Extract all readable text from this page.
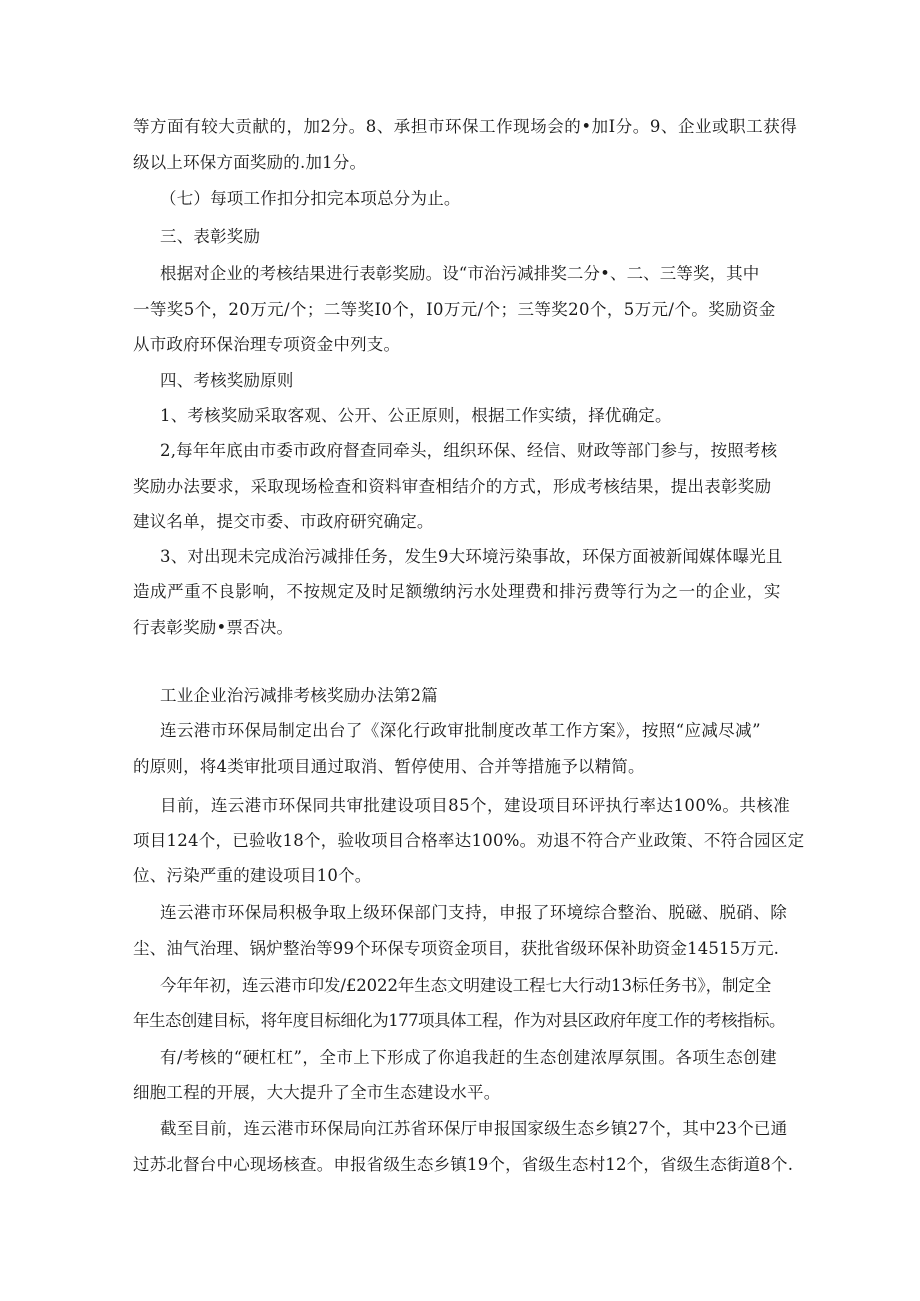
等方面有较大贡献的，加2分。8、承担市环保工作现场会的•加I分。9、企业或职工获得
级以上环保方面奖励的.加1分。
（七）每项工作扣分扣完本项总分为止。
三、表彰奖励
根据对企业的考核结果进行表彰奖励。设“市治污减排奖二分•、二、三等奖，其中
一等奖5个，20万元/个；二等奖I0个，I0万元/个；三等奖20个，5万元/个。奖励资金
从市政府环保治理专项资金中列支。
四、考核奖励原则
1、考核奖励采取客观、公开、公正原则，根据工作实绩，择优确定。
2,每年年底由市委市政府督查同牵头，组织环保、经信、财政等部门参与，按照考核
奖励办法要求，采取现场检查和资料审查相结介的方式，形成考核结果，提出表彰奖励
建议名单，提交市委、市政府研究确定。
3、对出现未完成治污减排任务，发生9大环境污染事故，环保方面被新闻媒体曝光且
造成严重不良影响，不按规定及时足额缴纳污水处理费和排污费等行为之一的企业，实
行表彰奖励•票否决。
工业企业治污减排考核奖励办法第2篇
连云港市环保局制定出台了《深化行政审批制度改革工作方案》，按照“应减尽减”
的原则，将4类审批项目通过取消、暂停使用、合并等措施予以精简。
目前，连云港市环保同共审批建设项目85个，建设项目环评执行率达100%。共核准
项目124个，已验收18个，验收项目合格率达100%。劝退不符合产业政策、不符合园区定
位、污染严重的建设项目10个。
连云港市环保局积极争取上级环保部门支持，申报了环境综合整治、脱磁、脱硝、除
尘、油气治理、锅炉整治等99个环保专项资金项目，获批省级环保补助资金14515万元.
今年年初，连云港市印发/£2022年生态文明建设工程七大行动13标任务书》，制定全
年生态创建目标，将年度目标细化为177项具体工程，作为对县区政府年度工作的考核指标。
有/考核的“硬杠杠”，全市上下形成了你追我赶的生态创建浓厚氛围。各项生态创建
细胞工程的开展，大大提升了全市生态建设水平。
截至目前，连云港市环保局向江苏省环保厅申报国家级生态乡镇27个，其中23个已通
过苏北督台中心现场核查。申报省级生态乡镇19个，省级生态村12个，省级生态街道8个.
